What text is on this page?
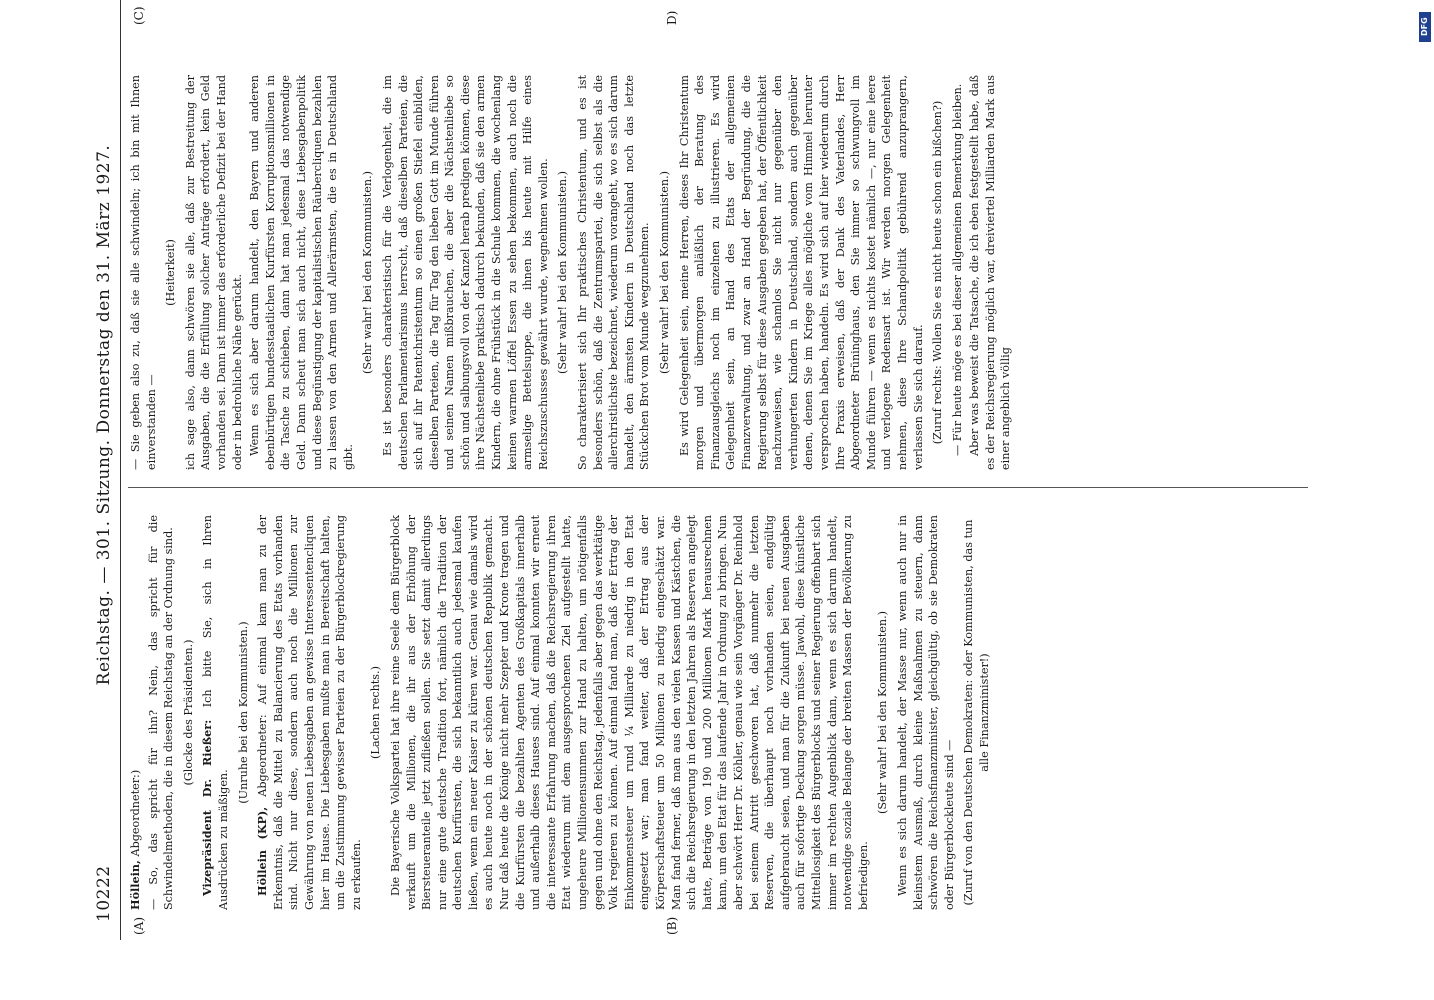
10222
Reichstag. — 301. Sitzung. Donnerstag den 31. März 1927.
(A)	(B)
(C)	D)

Höllein, Abgeordneter:) — So, das spricht für ihn? Nein, das spricht für die Schwindelmethoden, die in diesem Reichstag an der Ordnung sind. (Glocke des Präsidenten.)

Vizepräsident Dr. Rießer: Ich bitte Sie, sich in Ihren Ausdrücken zu mäßigen.

(Unruhe bei den Kommunisten.)

Höllein (KP), Abgeordneter: Auf einmal kam man zu der Erkenntnis, daß die Mittel zu Balancierung des Etats vorhanden sind. Nicht nur diese, sondern auch noch die Millionen zur Gewährung von neuen Liebesgaben an gewisse Interessentencliquen hier im Hause. Die Liebesgaben mußte man in Bereitschaft halten, um die Zustimmung gewisser Parteien zu der Bürgerblockregierung zu erkaufen.

(Lachen rechts.) Die Bayerische Volkspartei hat ihre reine Seele dem Bürgerblock verkauft um die Millionen, die ihr aus der Erhöhung der Biersteueranteile jetzt zufließen sollen. Sie setzt damit allerdings nur eine gute deutsche Tradition fort, nämlich die Tradition der deutschen Kurfürsten, die sich bekanntlich auch jedesmal kaufen ließen, wenn ein neuer Kaiser zu küren war. Genau wie damals wird es auch heute noch in der schönen deutschen Republik gemacht. Nur daß heute die Könige nicht mehr Szepter und Krone tragen und die Kurfürsten die bezahlten Agenten des Großkapitals innerhalb und außerhalb dieses Hauses sind. Auf einmal konnten wir erneut die interessante Erfahrung machen, daß die Reichsregierung ihren Etat wiederum mit dem ausgesprochenen Ziel aufgestellt hatte, ungeheure Millionensummen zur Hand zu halten, um nötigenfalls gegen und ohne den Reichstag, jedenfalls aber gegen das werktätige Volk regieren zu können. Auf einmal fand man, daß der Ertrag der Einkommensteuer um rund ¼ Milliarde zu niedrig in den Etat eingesetzt war; man fand weiter, daß der Ertrag aus der Körperschaftsteuer um 50 Millionen zu niedrig eingeschätzt war. Man fand ferner, daß man aus den vielen Kassen und Kästchen, die sich die Reichsregierung in den letzten Jahren als Reserven angelegt hatte, Beträge von 190 und 200 Millionen Mark herausrechnen kann, um den Etat für das laufende Jahr in Ordnung zu bringen. Nun aber schwört Herr Dr. Köhler, genau wie sein Vorgänger Dr. Reinhold bei seinem Antritt geschworen hat, daß nunmehr die letzten Reserven, die überhaupt noch vorhanden seien, endgültig aufgebraucht seien, und man für die Zukunft bei neuen Ausgaben auch für sofortige Deckung sorgen müsse. Jawohl, diese künstliche Mittellosigkeit des Bürgerblocks und seiner Regierung offenbart sich immer im rechten Augenblick dann, wenn es sich darum handelt, notwendige soziale Belange der breiten Massen der Bevölkerung zu befriedigen.

(Sehr wahr! bei den Kommunisten.) Wenn es sich darum handelt, der Masse nur, wenn auch nur in kleinstem Ausmaß, durch kleine Maßnahmen zu steuern, dann schwören die Reichsfinanzminister, gleichgültig, ob sie Demokraten oder Bürgerblockleute sind — (Zuruf von den Deutschen Demokraten: oder Kommunisten, das tun alle Finanzminister!)

— Sie geben also zu, daß sie alle schwindeln; ich bin mit Ihnen einverstanden —

(Heiterkeit) ich sage also, dann schwören sie alle, daß zur Bestreitung der Ausgaben, die die Erfüllung solcher Anträge erfordert, kein Geld vorhanden sei. Dann ist immer das erforderliche Defizit bei der Hand oder in bedrohliche Nähe gerückt. Wenn es sich aber darum handelt, den Bayern und anderen ebenbürtigen bundesstaatlichen Kurfürsten Korruptionsmillionen in die Tasche zu schieben, dann hat man jedesmal das notwendige Geld. Dann scheut man sich auch nicht, diese Liebesgabenpolitik und diese Begünstigung der kapitalistischen Räubercliquen bezahlen zu lassen von den Armen und Allerärmsten, die es in Deutschland gibt.

(Sehr wahr! bei den Kommunisten.) Es ist besonders charakteristisch für die Verlogenheit, die im deutschen Parlamentarismus herrscht, daß dieselben Parteien, die sich auf ihr Patentchristentum so einen großen Stiefel einbilden, dieselben Parteien, die Tag für Tag den lieben Gott im Munde führen und seinen Namen mißbrauchen, die aber die Nächstenliebe so schön und salbungsvoll von der Kanzel herab predigen können, diese ihre Nächstenliebe praktisch dadurch bekunden, daß sie den armen Kindern, die ohne Frühstück in die Schule kommen, die wochenlang keinen warmen Löffel Essen zu sehen bekommen, auch noch die armselige Bettelsuppe, die ihnen bis heute mit Hilfe eines Reichszuschusses gewährt wurde, wegnehmen wollen. (Sehr wahr! bei den Kommunisten.) So charakterisiert sich Ihr praktisches Christentum, und es ist besonders schön, daß die Zentrumspartei, die sich selbst als die allerchristlichste bezeichnet, wiederum vorangeht, wo es sich darum handelt, den ärmsten Kindern in Deutschland noch das letzte Stückchen Brot vom Munde wegzunehmen. (Sehr wahr! bei den Kommunisten.) Es wird Gelegenheit sein, meine Herren, dieses Ihr Christentum morgen und übermorgen anläßlich der Beratung des Finanzausgleichs noch im einzelnen zu illustrieren. Es wird Gelegenheit sein, an Hand des Etats der allgemeinen Finanzverwaltung, und zwar an Hand der Begründung, die die Regierung selbst für diese Ausgaben gegeben hat, der Öffentlichkeit nachzuweisen, wie schamlos Sie nicht nur gegenüber den verhungerten Kindern in Deutschland, sondern auch gegenüber denen, denen Sie im Kriege alles mögliche vom Himmel herunter versprochen haben, handeln. Es wird sich auf hier wiederum durch Ihre Praxis erweisen, daß der Dank des Vaterlandes, Herr Abgeordneter Brüninghaus, den Sie immer so schwungvoll im Munde führen — wenn es nichts kostet nämlich —, nur eine leere und verlogene Redensart ist. Wir werden morgen Gelegenheit nehmen, diese Ihre Schandpolitik gebührend anzuprangern, verlassen Sie sich darauf. (Zuruf rechts: Wollen Sie es nicht heute schon ein bißchen?) — Für heute möge es bei dieser allgemeinen Bemerkung bleiben. Aber was beweist die Tatsache, die ich eben festgestellt habe, daß es der Reichsregierung möglich war, dreiviertel Milliarden Mark aus einer angeblich völlig

DFG
